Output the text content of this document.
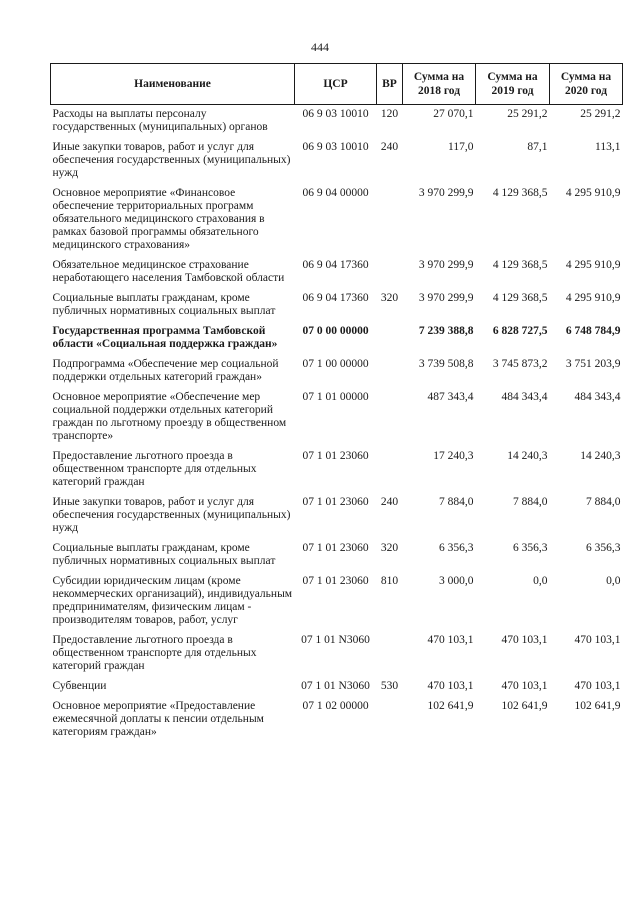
444
Наименование	ЦСР	ВР	Сумма на 2018 год	Сумма на 2019 год	Сумма на 2020 год
Расходы на выплаты персоналу государственных (муниципальных) органов	06 9 03 10010	120	27 070,1	25 291,2	25 291,2
Иные закупки товаров, работ и услуг для обеспечения государственных (муниципальных) нужд	06 9 03 10010	240	117,0	87,1	113,1
Основное мероприятие «Финансовое обеспечение территориальных программ обязательного медицинского страхования в рамках базовой программы обязательного медицинского страхования»	06 9 04 00000		3 970 299,9	4 129 368,5	4 295 910,9
Обязательное медицинское страхование неработающего населения Тамбовской области	06 9 04 17360		3 970 299,9	4 129 368,5	4 295 910,9
Социальные выплаты гражданам, кроме публичных нормативных социальных выплат	06 9 04 17360	320	3 970 299,9	4 129 368,5	4 295 910,9
Государственная программа Тамбовской области «Социальная поддержка граждан»	07 0 00 00000		7 239 388,8	6 828 727,5	6 748 784,9
Подпрограмма «Обеспечение мер социальной поддержки отдельных категорий граждан»	07 1 00 00000		3 739 508,8	3 745 873,2	3 751 203,9
Основное мероприятие «Обеспечение мер социальной поддержки отдельных категорий граждан по льготному проезду в общественном транспорте»	07 1 01 00000		487 343,4	484 343,4	484 343,4
Предоставление льготного проезда в общественном транспорте для отдельных категорий граждан	07 1 01 23060		17 240,3	14 240,3	14 240,3
Иные закупки товаров, работ и услуг для обеспечения государственных (муниципальных) нужд	07 1 01 23060	240	7 884,0	7 884,0	7 884,0
Социальные выплаты гражданам, кроме публичных нормативных социальных выплат	07 1 01 23060	320	6 356,3	6 356,3	6 356,3
Субсидии юридическим лицам (кроме некоммерческих организаций), индивидуальным предпринимателям, физическим лицам - производителям товаров, работ, услуг	07 1 01 23060	810	3 000,0	0,0	0,0
Предоставление льготного проезда в общественном транспорте для отдельных категорий граждан	07 1 01 N3060		470 103,1	470 103,1	470 103,1
Субвенции	07 1 01 N3060	530	470 103,1	470 103,1	470 103,1
Основное мероприятие «Предоставление ежемесячной доплаты к пенсии отдельным категориям граждан»	07 1 02 00000		102 641,9	102 641,9	102 641,9
